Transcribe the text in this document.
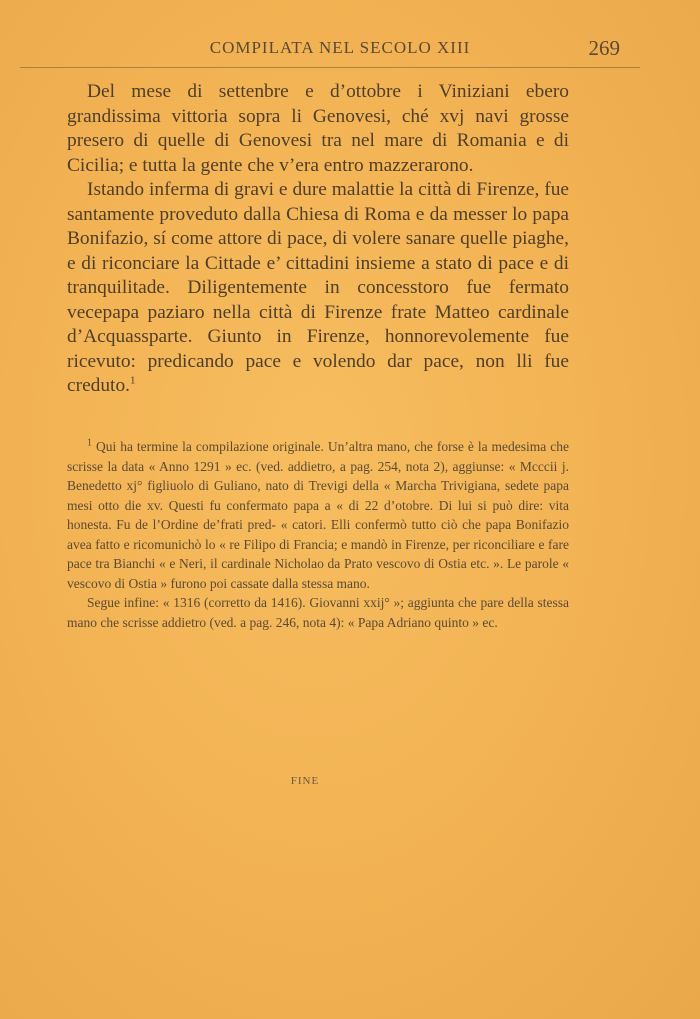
COMPILATA NEL SECOLO XIII	269

Del mese di settenbre e d’ottobre i Viniziani ebero grandissima vittoria sopra li Genovesi, ché xvj navi grosse presero di quelle di Genovesi tra nel mare di Romania e di Cicilia; e tutta la gente che v’era entro mazzerarono.

Istando inferma di gravi e dure malattie la città di Firenze, fue santamente proveduto dalla Chiesa di Roma e da messer lo papa Bonifazio, sí come attore di pace, di volere sanare quelle piaghe, e di riconciare la Cittade e’ cittadini insieme a stato di pace e di tranquilitade. Diligentemente in concesstoro fue fermato vecepapa paziaro nella città di Firenze frate Matteo cardinale d’Acquassparte. Giunto in Firenze, honnorevolemente fue ricevuto: predicando pace e volendo dar pace, non lli fue creduto.$^1$

$^1$ Qui ha termine la compilazione originale. Un’altra mano, che forse è la medesima che scrisse la data « Anno 1291 » ec. (ved. addietro, a pag. 254, nota 2), aggiunse: « Mcccii j. Benedetto xj° figliuolo di Guliano, nato di Trevigi della « Marcha Trivigiana, sedete papa mesi otto die xv. Questi fu confermato papa a « di 22 d’otobre. Di lui si può dire: vita honesta. Fu de l’Ordine de’frati pred- « catori. Elli confermò tutto ciò che papa Bonifazio avea fatto e ricomunichò lo « re Filipo di Francia; e mandò in Firenze, per riconciliare e fare pace tra Bianchi « e Neri, il cardinale Nicholao da Prato vescovo di Ostia etc. ». Le parole « vescovo di Ostia » furono poi cassate dalla stessa mano.

Segue infine: « 1316 (corretto da 1416). Giovanni xxij° »; aggiunta che pare della stessa mano che scrisse addietro (ved. a pag. 246, nota 4): « Papa Adriano quinto » ec.

FINE
